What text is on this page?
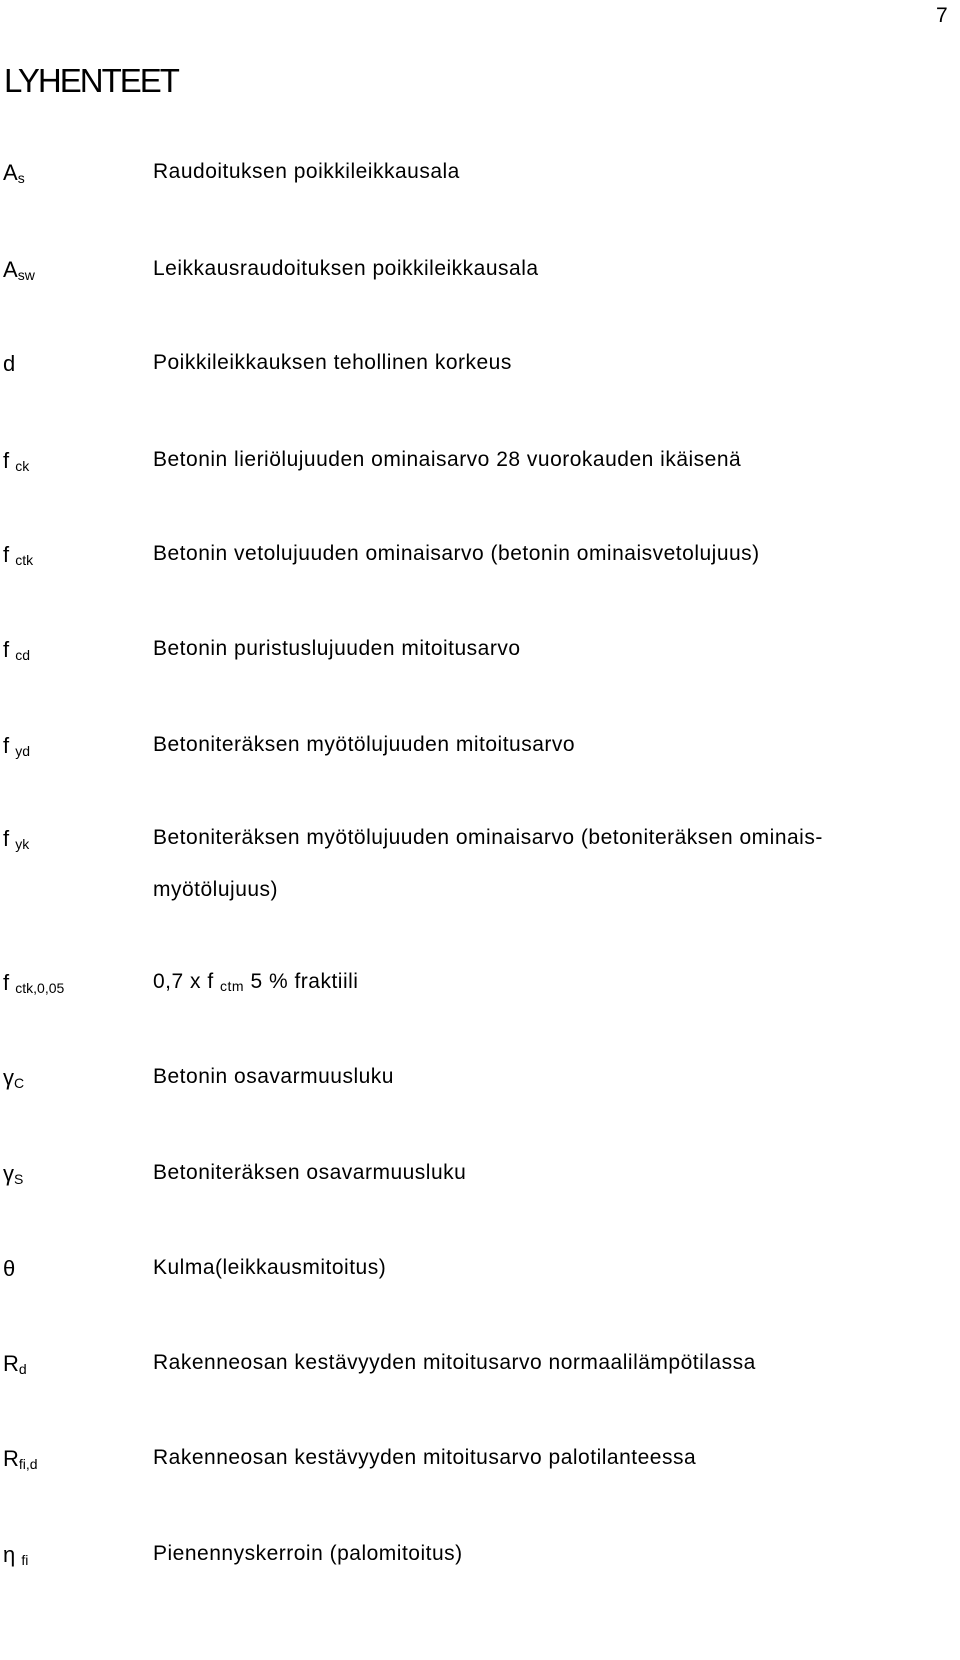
7
LYHENTEET
$A_s$	Raudoituksen poikkileikkausala
$A_{sw}$	Leikkausraudoituksen poikkileikkausala
d	Poikkileikkauksen tehollinen korkeus
f $_{ck}$	Betonin lieriölujuuden ominaisarvo 28 vuorokauden ikäisenä
f $_{ctk}$	Betonin vetolujuuden ominaisarvo (betonin ominaisvetolujuus)
f $_{cd}$	Betonin puristuslujuuden mitoitusarvo
f $_{yd}$	Betoniteräksen myötölujuuden mitoitusarvo
f $_{yk}$	Betoniteräksen myötölujuuden ominaisarvo (betoniteräksen ominais-myötölujuus)
f $_{ctk,0,05}$	0,7 x f $_{ctm}$ 5 % fraktiili
$\gamma_C$	Betonin osavarmuusluku
$\gamma_S$	Betoniteräksen osavarmuusluku
θ	Kulma(leikkausmitoitus)
$R_d$	Rakenneosan kestävyyden mitoitusarvo normaalilämpötilassa
$R_{fi,d}$	Rakenneosan kestävyyden mitoitusarvo palotilanteessa
η $_{fi}$	Pienennyskerroin (palomitoitus)
